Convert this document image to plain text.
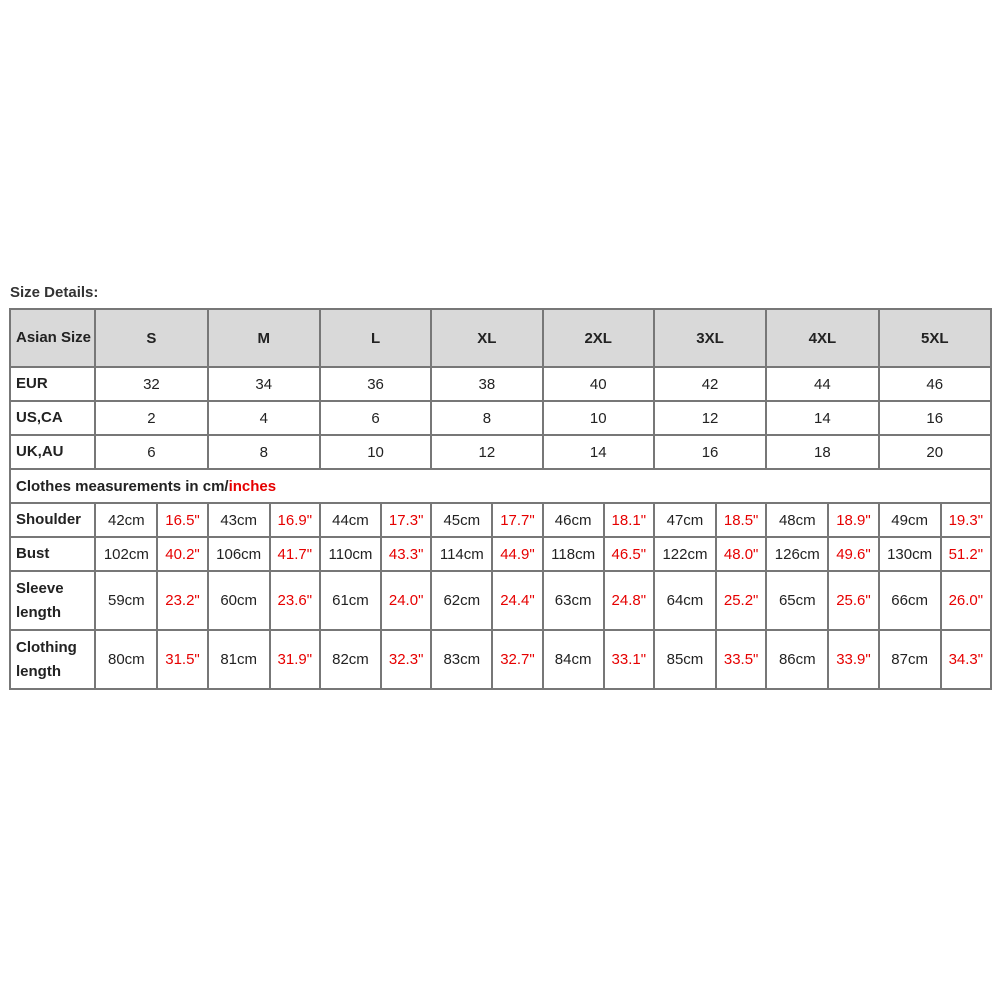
Size Details:
Asian Size	S		M		L		XL		2XL		3XL		4XL		5XL	
EUR	32		34		36		38		40		42		44		46	
US,CA	2		4		6		8		10		12		14		16	
UK,AU	6		8		10		12		14		16		18		20	
Clothes measurements in cm/inches																
Shoulder	42cm	16.5"	43cm	16.9"	44cm	17.3"	45cm	17.7"	46cm	18.1"	47cm	18.5"	48cm	18.9"	49cm	19.3"
Bust	102cm	40.2"	106cm	41.7"	110cm	43.3"	114cm	44.9"	118cm	46.5"	122cm	48.0"	126cm	49.6"	130cm	51.2"
Sleeve length	59cm	23.2"	60cm	23.6"	61cm	24.0"	62cm	24.4"	63cm	24.8"	64cm	25.2"	65cm	25.6"	66cm	26.0"
Clothing length	80cm	31.5"	81cm	31.9"	82cm	32.3"	83cm	32.7"	84cm	33.1"	85cm	33.5"	86cm	33.9"	87cm	34.3"
